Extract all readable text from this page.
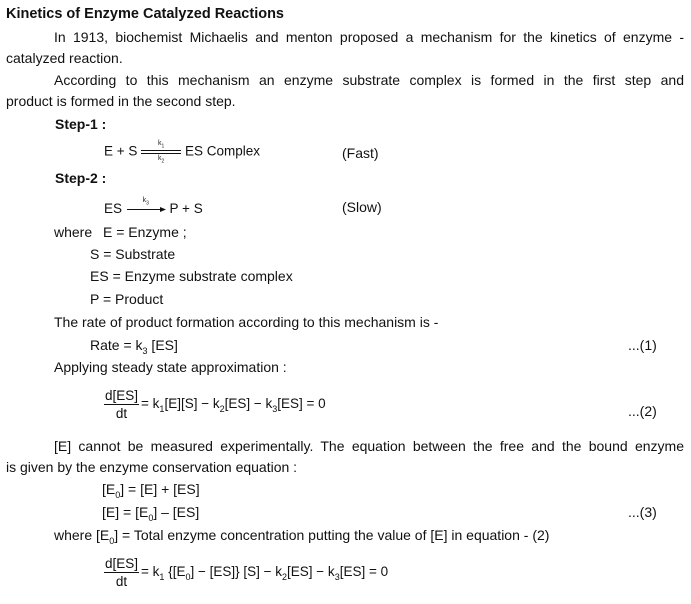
Kinetics of Enzyme Catalyzed Reactions
In 1913, biochemist Michaelis and menton proposed a mechanism for the kinetics of enzyme -
catalyzed reaction.
According to this mechanism an enzyme substrate complex is formed in the first step and
product is formed in the second step.
Step-1 :
E + S
$k_1$
$k_2$
ES Complex	(Fast)
Step-2 :
ES
$k_3$ P + S	(Slow)
where E = Enzyme ;
S = Substrate
ES = Enzyme substrate complex
P = Product
The rate of product formation according to this mechanism is -
Rate = $k_3$ [ES]	...(1)
Applying steady state approximation :
$\frac{d[ES]}{dt} = k_1[E][S] - k_2[ES] - k_3[ES] = 0$	...(2)
[E] cannot be measured experimentally. The equation between the free and the bound enzyme
is given by the enzyme conservation equation :
$[E_0] = [E] + [ES]$
$[E] = [E_0] - [ES]$	...(3)
where $[E_0]$ = Total enzyme concentration putting the value of [E] in equation - (2)
$\frac{d[ES]}{dt} = k_1$ $\{[E_0] - [ES]\} [S] - k_2[ES] - k_3[ES] = 0$
